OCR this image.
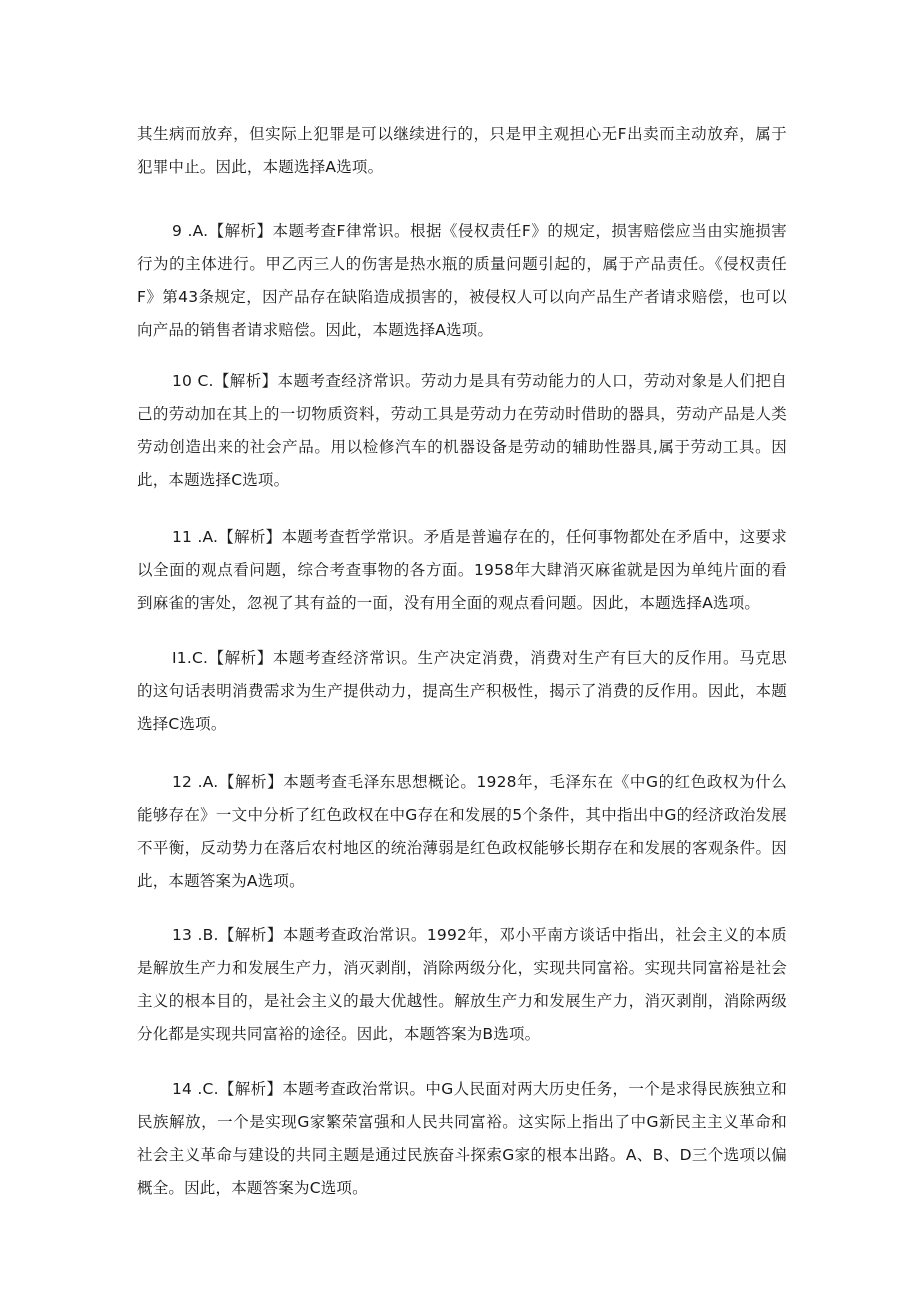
其生病而放弃，但实际上犯罪是可以继续进行的，只是甲主观担心无F出卖而主动放弃，属于犯罪中止。因此，本题选择A选项。

9 .A.【解析】本题考查F律常识。根据《侵权责任F》的规定，损害赔偿应当由实施损害行为的主体进行。甲乙丙三人的伤害是热水瓶的质量问题引起的，属于产品责任。《侵权责任F》第43条规定，因产品存在缺陷造成损害的，被侵权人可以向产品生产者请求赔偿，也可以向产品的销售者请求赔偿。因此，本题选择A选项。

10 C.【解析】本题考查经济常识。劳动力是具有劳动能力的人口，劳动对象是人们把自己的劳动加在其上的一切物质资料，劳动工具是劳动力在劳动时借助的器具，劳动产品是人类劳动创造出来的社会产品。用以检修汽车的机器设备是劳动的辅助性器具,属于劳动工具。因此，本题选择C选项。

11 .A.【解析】本题考查哲学常识。矛盾是普遍存在的，任何事物都处在矛盾中，这要求以全面的观点看问题，综合考查事物的各方面。1958年大肆消灭麻雀就是因为单纯片面的看到麻雀的害处，忽视了其有益的一面，没有用全面的观点看问题。因此，本题选择A选项。

I1.C.【解析】本题考查经济常识。生产决定消费，消费对生产有巨大的反作用。马克思的这句话表明消费需求为生产提供动力，提高生产积极性，揭示了消费的反作用。因此，本题选择C选项。

12 .A.【解析】本题考查毛泽东思想概论。1928年，毛泽东在《中G的红色政权为什么能够存在》一文中分析了红色政权在中G存在和发展的5个条件，其中指出中G的经济政治发展不平衡，反动势力在落后农村地区的统治薄弱是红色政权能够长期存在和发展的客观条件。因此，本题答案为A选项。

13 .B.【解析】本题考查政治常识。1992年，邓小平南方谈话中指出，社会主义的本质是解放生产力和发展生产力，消灭剥削，消除两级分化，实现共同富裕。实现共同富裕是社会主义的根本目的，是社会主义的最大优越性。解放生产力和发展生产力，消灭剥削，消除两级分化都是实现共同富裕的途径。因此，本题答案为B选项。

14 .C.【解析】本题考查政治常识。中G人民面对两大历史任务，一个是求得民族独立和民族解放，一个是实现G家繁荣富强和人民共同富裕。这实际上指出了中G新民主主义革命和社会主义革命与建设的共同主题是通过民族奋斗探索G家的根本出路。A、B、D三个选项以偏概全。因此，本题答案为C选项。
